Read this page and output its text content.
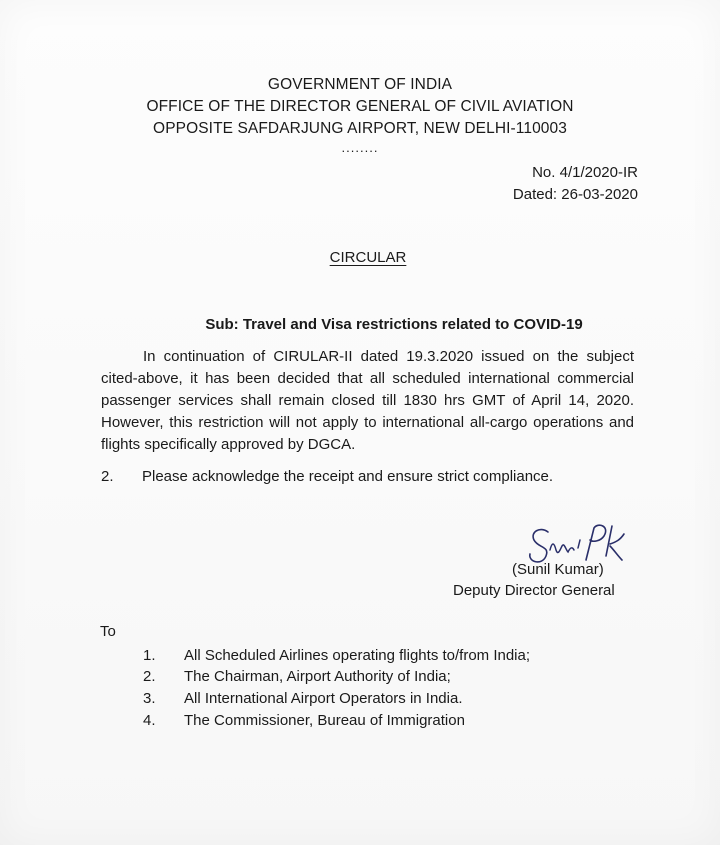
GOVERNMENT OF INDIA
OFFICE OF THE DIRECTOR GENERAL OF CIVIL AVIATION
OPPOSITE SAFDARJUNG AIRPORT, NEW DELHI-110003
........
No. 4/1/2020-IR
Dated: 26-03-2020
CIRCULAR
Sub: Travel and Visa restrictions related to COVID-19
In continuation of CIRULAR-II dated 19.3.2020 issued on the subject cited-above, it has been decided that all scheduled international commercial passenger services shall remain closed till 1830 hrs GMT of April 14, 2020. However, this restriction will not apply to international all-cargo operations and flights specifically approved by DGCA.
2. Please acknowledge the receipt and ensure strict compliance.
(Sunil Kumar)
Deputy Director General
To
1. All Scheduled Airlines operating flights to/from India;
2. The Chairman, Airport Authority of India;
3. All International Airport Operators in India.
4. The Commissioner, Bureau of Immigration
